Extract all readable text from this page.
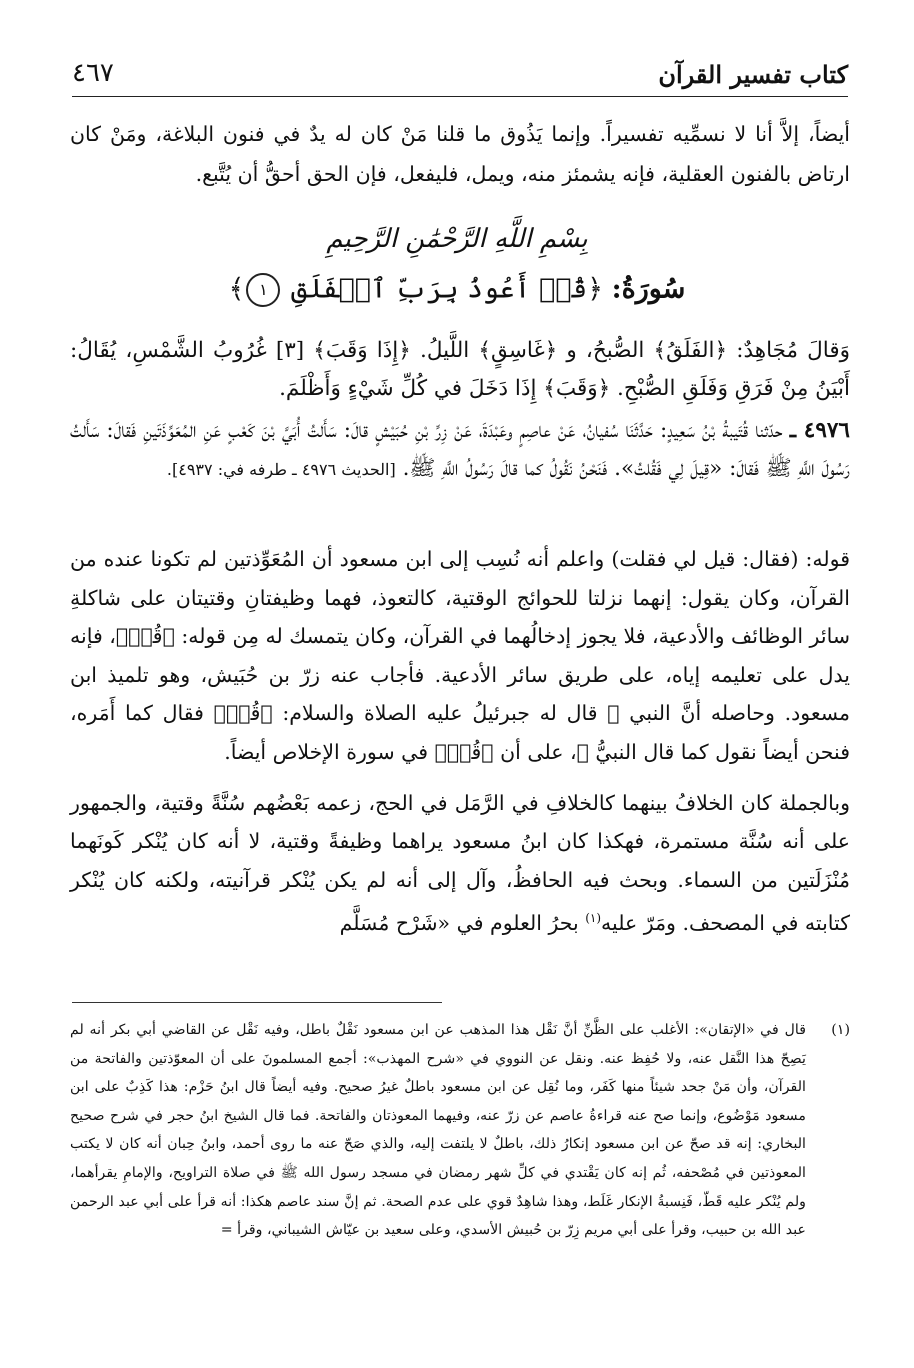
كتاب تفسير القرآن
٤٦٧

أيضاً، إلاَّ أنا لا نسمِّيه تفسيراً. وإنما يَذُوق ما قلنا مَنْ كان له يدٌ في فنون البلاغة، ومَنْ كان ارتاض بالفنون العقلية، فإنه يشمئز منه، ويمل، فليفعل، فإن الحق أحقُّ أن يُتَّبع.

بِسْمِ اللَّهِ الرَّحْمَٰنِ الرَّحِيمِ
سُورَةُ: ﴿قُلۡ أَعُوذُ بِرَبِّ ٱلۡفَلَقِ ١﴾

وَقالَ مُجَاهِدٌ: ﴿الفَلَقُ﴾ الصُّبحُ، و ﴿غَاسِقٍ﴾ اللَّيلُ. ﴿إِذَا وَقَبَ﴾ [٣] غُرُوبُ الشَّمْسِ، يُقَالُ: أَبْيَنُ مِنْ فَرَقِ وَفَلَقِ الصُّبْحِ. ﴿وَقَبَ﴾ إِذَا دَخَلَ في كُلِّ شَيْءٍ وَأَظْلَمَ.

٤٩٧٦ ـ حدّثنا قُتَيبةُ بْنُ سَعِيدٍ: حَدَّثَنَا سُفيانُ، عَنْ عاصِمٍ وعَبْدَةَ، عَنْ زِرِّ بْنِ حُبَيْشٍ قالَ: سَأَلتُ أُبَيَّ بْنَ كَعْبٍ عَنِ المُعَوِّذَتَينِ فَقالَ: سَأَلتُ رَسُولَ اللَّهِ ﷺ فَقالَ: «قِيلَ لِي فَقُلتُ». فَنَحْنُ نَقُولُ كما قالَ رَسُولُ اللَّهِ ﷺ. [الحديث ٤٩٧٦ ـ طرفه في: ٤٩٣٧].

قوله: (فقال: قيل لي فقلت) واعلم أنه نُسِب إلى ابن مسعود أن المُعَوِّذتين لم تكونا عنده من القرآن، وكان يقول: إنهما نزلتا للحوائج الوقتية، كالتعوذ، فهما وظيفتانِ وقتيتان على شاكلةِ سائر الوظائف والأدعية، فلا يجوز إدخالُهما في القرآن، وكان يتمسك له مِن قوله: ﴿قُلۡ﴾، فإنه يدل على تعليمه إياه، على طريق سائر الأدعية. فأجاب عنه زرّ بن حُبَيش، وهو تلميذ ابن مسعود. وحاصله أنَّ النبي ﷺ قال له جبرئيلُ عليه الصلاة والسلام: ﴿قُلۡ﴾ فقال كما أَمَره، فنحن أيضاً نقول كما قال النبيُّ ﷺ، على أن ﴿قُلۡ﴾ في سورة الإخلاص أيضاً.

وبالجملة كان الخلافُ بينهما كالخلافِ في الرَّمَل في الحج، زعمه بَعْضُهم سُنَّةً وقتية، والجمهور على أنه سُنَّة مستمرة، فهكذا كان ابنُ مسعود يراهما وظيفةً وقتية، لا أنه كان يُنْكر كَونَهما مُنْزَلَتين من السماء. وبحث فيه الحافظُ، وآل إلى أنه لم يكن يُنْكر قرآنيته، ولكنه كان يُنْكر كتابته في المصحف. ومَرّ عليه$^{(١)}$ بحرُ العلوم في «شَرْح مُسَلَّم

(١)
قال في «الإتقان»: الأغلب على الظَّنِّ أنَّ نَقْل هذا المذهب عن ابن مسعود نَقْلٌ باطل، وفيه نَقْل عن القاضي أبي بكر أنه لم يَصِحّ هذا النَّقل عنه، ولا حُفِظ عنه. ونقل عن النووي في «شرح المهذب»: أجمع المسلمونَ على أن المعوّذتين والفاتحة من القرآن، وأن مَنْ جحد شيئاً منها كَفَر، وما نُقِل عن ابن مسعود باطلٌ غيرُ صحيح. وفيه أيضاً قال ابنُ حَزْم: هذا كَذِبٌ على ابن مسعود مَوْضُوع، وإنما صح عنه قراءةُ عاصم عن زرّ عنه، وفيهما المعوذتان والفاتحة. فما قال الشيخ ابنُ حجر في شرح صحيح البخاري: إنه قد صحّ عن ابن مسعود إنكارُ ذلك، باطلٌ لا يلتفت إليه، والذي صَحّ عنه ما روى أحمد، وابنُ حِبان أنه كان لا يكتب المعوذتين في مُصْحفه، ثُم إنه كان يَقْتدي في كلِّ شهر رمضان في مسجد رسول الله ﷺ في صلاة التراويح، والإمامِ يقرأهما، ولم يُنْكر عليه قَطّ، فَنِسبةُ الإنكار غَلَط، وهذا شاهِدٌ قوي على عدم الصحة. ثم إنَّ سند عاصم هكذا: أنه قرأ على أبي عبد الرحمن عبد الله بن حبيب، وقرأ على أبي مريم زِرّ بن حُبيش الأسدي، وعلى سعيد بن عيّاش الشيباني، وقرأ =
